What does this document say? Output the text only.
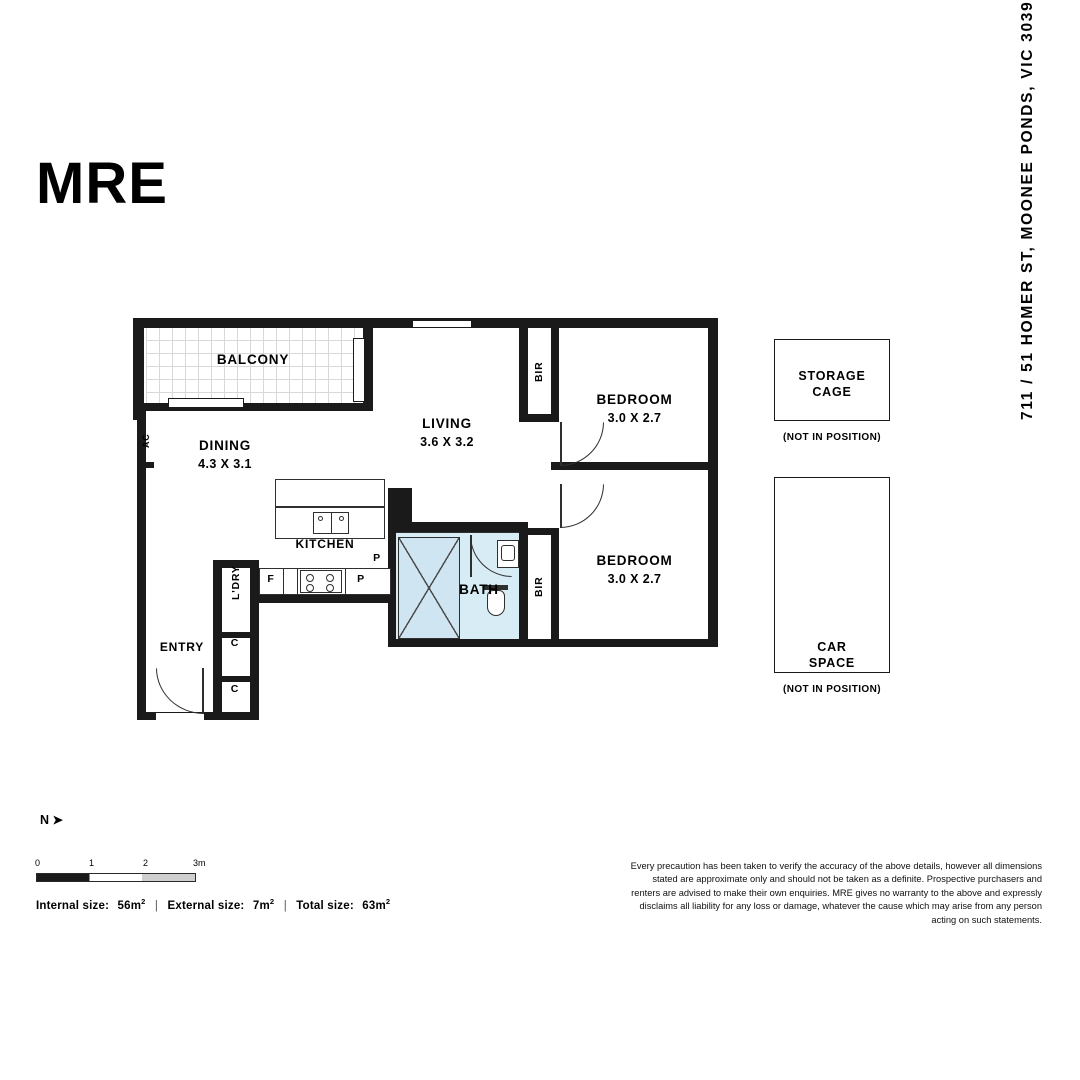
MRE	711 / 51 HOMER ST, MOONEE PONDS, VIC 3039
BALCONY
DINING
4.3 X 3.1
LIVING
3.6 X 3.2
KITCHEN
BATH
ENTRY
BEDROOM
3.0 X 2.7
BEDROOM
3.0 X 2.7
L'DRY
AC
BIR
BIR
P
P
F
C
C
STORAGE
CAGE
(NOT IN POSITION)
CAR
SPACE
(NOT IN POSITION)
N ➤
0	1	2	3m
Internal size: $56m^2$ | External size: $7m^2$ | Total size: $63m^2$
Every precaution has been taken to verify the accuracy of the above details, however all dimensions stated are approximate only and should not be taken as a definite. Prospective purchasers and renters are advised to make their own enquiries. MRE gives no warranty to the above and expressly disclaims all liability for any loss or damage, whatever the cause which may arise from any person acting on such statements.
